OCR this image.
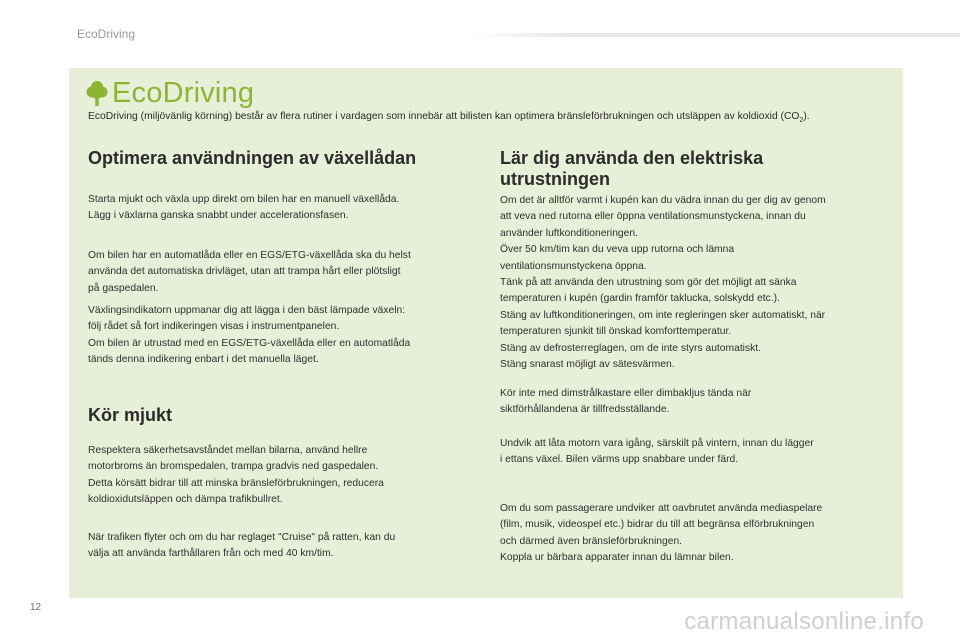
EcoDriving
EcoDriving
EcoDriving (miljövänlig körning) består av flera rutiner i vardagen som innebär att bilisten kan optimera bränsleförbrukningen och utsläppen av koldioxid $(CO_2)$.
Optimera användningen av växellådan

Starta mjukt och växla upp direkt om bilen har en manuell växellåda.

Lägg i växlarna ganska snabbt under accelerationsfasen.

Om bilen har en automatlåda eller en EGS/ETG-växellåda ska du helst

använda det automatiska drivläget, utan att trampa hårt eller plötsligt

på gaspedalen.

Växlingsindikatorn uppmanar dig att lägga i den bäst lämpade växeln:

följ rådet så fort indikeringen visas i instrumentpanelen.

Om bilen är utrustad med en EGS/ETG-växellåda eller en automatlåda

tänds denna indikering enbart i det manuella läget.

Kör mjukt

Respektera säkerhetsavståndet mellan bilarna, använd hellre

motorbroms än bromspedalen, trampa gradvis ned gaspedalen.

Detta körsätt bidrar till att minska bränsleförbrukningen, reducera

koldioxidutsläppen och dämpa trafikbullret.

När trafiken flyter och om du har reglaget "Cruise" på ratten, kan du

välja att använda farthållaren från och med 40 km/tim.

Lär dig använda den elektriska
utrustningen

Om det är alltför varmt i kupén kan du vädra innan du ger dig av genom

att veva ned rutorna eller öppna ventilationsmunstyckena, innan du

använder luftkonditioneringen.

Över 50 km/tim kan du veva upp rutorna och lämna

ventilationsmunstyckena öppna.

Tänk på att använda den utrustning som gör det möjligt att sänka

temperaturen i kupén (gardin framför taklucka, solskydd etc.).

Stäng av luftkonditioneringen, om inte regleringen sker automatiskt, när

temperaturen sjunkit till önskad komforttemperatur.

Stäng av defrosterreglagen, om de inte styrs automatiskt.

Stäng snarast möjligt av sätesvärmen.

Kör inte med dimstrålkastare eller dimbakljus tända när

siktförhållandena är tillfredsställande.

Undvik att låta motorn vara igång, särskilt på vintern, innan du lägger

i ettans växel. Bilen värms upp snabbare under färd.

Om du som passagerare undviker att oavbrutet använda mediaspelare

(film, musik, videospel etc.) bidrar du till att begränsa elförbrukningen

och därmed även bränsleförbrukningen.

Koppla ur bärbara apparater innan du lämnar bilen.

12
carmanualsonline.info
